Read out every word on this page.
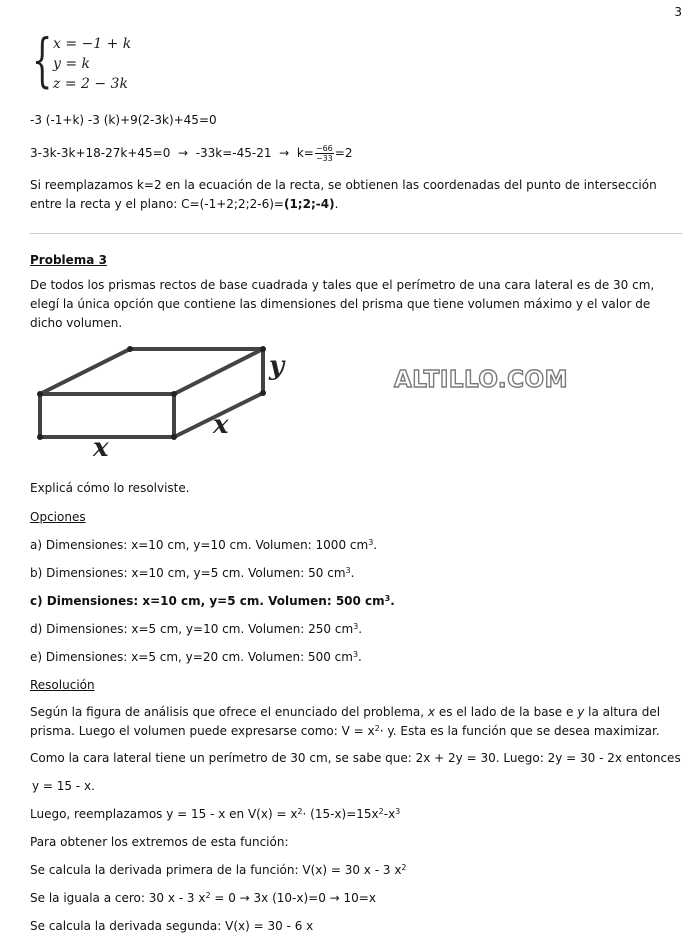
3
{ x = −1 + k
y = k
z = 2 − 3k
-3 (-1+k) -3 (k)+9(2-3k)+45=0
$3-3k-3k+18-27k+45=0 \to -33k=-45-21 \to k= \frac{-66}{-33} =2$
Si reemplazamos k=2 en la ecuación de la recta, se obtienen las coordenadas del punto de intersección entre la recta y el plano: C=(-1+2;2;2-6)=(1;2;-4).
Problema 3
De todos los prismas rectos de base cuadrada y tales que el perímetro de una cara lateral es de 30 cm, elegí la única opción que contiene las dimensiones del prisma que tiene volumen máximo y el valor de dicho volumen.
y
x
x
ALTILLO.COM
Explicá cómo lo resolviste.
Opciones
a) Dimensiones: x=10 cm, y=10 cm. Volumen: 1000 $cm^3$.
b) Dimensiones: x=10 cm, y=5 cm. Volumen: 50 $cm^3$.
c) Dimensiones: x=10 cm, y=5 cm. Volumen: 500 $cm^3$.
d) Dimensiones: x=5 cm, y=10 cm. Volumen: 250 $cm^3$.
e) Dimensiones: x=5 cm, y=20 cm. Volumen: 500 $cm^3$.
Resolución
Según la figura de análisis que ofrece el enunciado del problema, x es el lado de la base e y la altura del prisma. Luego el volumen puede expresarse como: $V = x^2\cdot y$. Esta es la función que se desea maximizar.
Como la cara lateral tiene un perímetro de 30 cm, se sabe que: 2x + 2y = 30. Luego: 2y = 30 - 2x entonces
y = 15 - x.
Luego, reemplazamos y = 15 - x en $V(x) = x^2\cdot (15-x)=15x^2-x^3$
Para obtener los extremos de esta función:
Se calcula la derivada primera de la función: V(x) = 30 x - 3 $x^2$
Se la iguala a cero: 30 x - 3 $x^2 = 0 \to 3x$ (10-x)=0 → 10=x
Se calcula la derivada segunda: V(x) = 30 - 6 x
